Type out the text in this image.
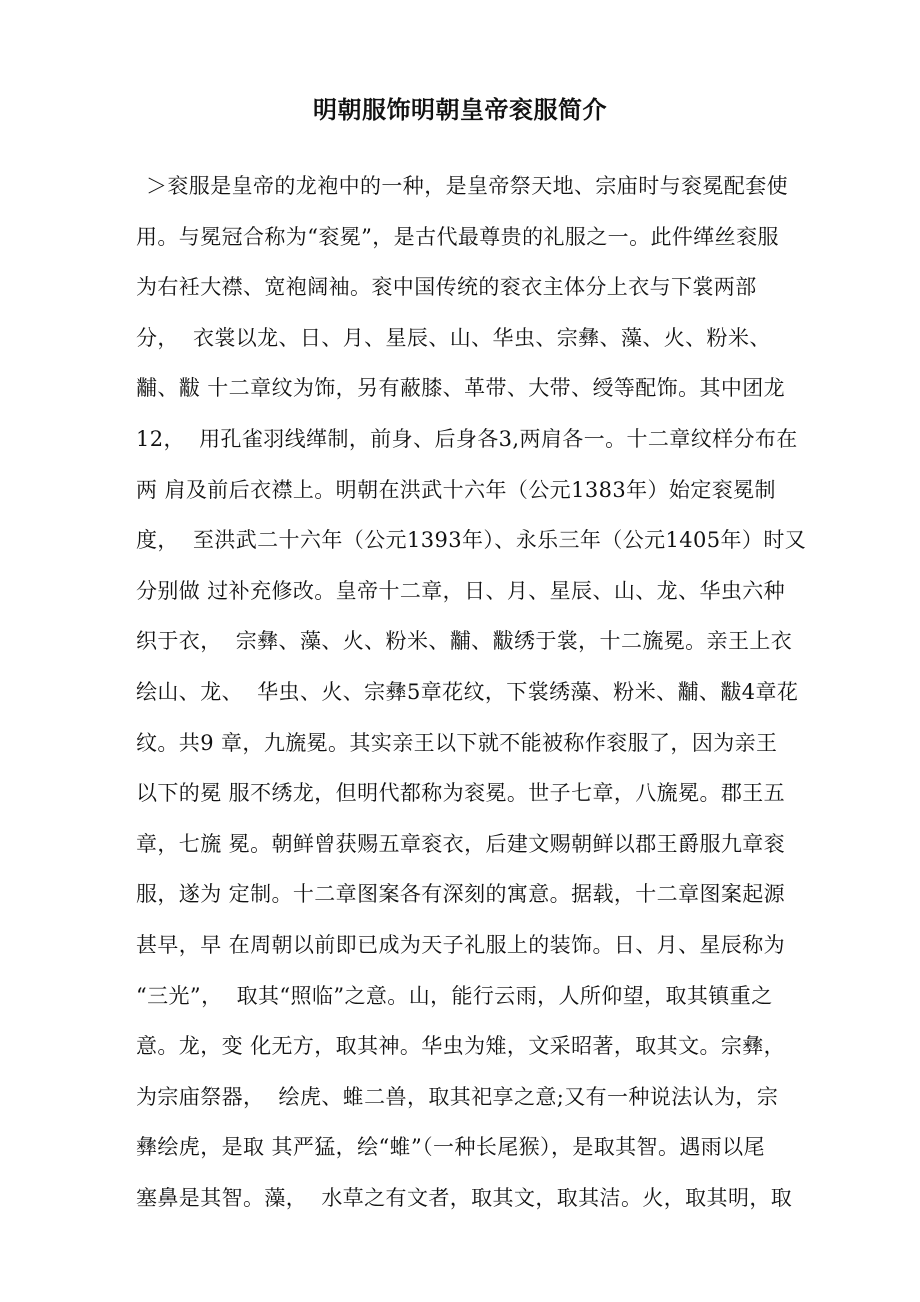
明朝服饰明朝皇帝衮服简介
＞衮服是皇帝的龙袍中的一种，是皇帝祭天地、宗庙时与衮冕配套使
用。与冕冠合称为“衮冕”，是古代最尊贵的礼服之一。此件缂丝衮服
为右衽大襟、宽袍阔袖。衮中国传统的衮衣主体分上衣与下裳两部
分，  衣裳以龙、日、月、星辰、山、华虫、宗彝、藻、火、粉米、
黼、黻 十二章纹为饰，另有蔽膝、革带、大带、绶等配饰。其中团龙
12，  用孔雀羽线缂制，前身、后身各3,两肩各一。十二章纹样分布在
两 肩及前后衣襟上。明朝在洪武十六年（公元1383年）始定衮冕制
度，  至洪武二十六年（公元1393年）、永乐三年（公元1405年）时又
分别做 过补充修改。皇帝十二章，日、月、星辰、山、龙、华虫六种
织于衣，  宗彝、藻、火、粉米、黼、黻绣于裳，十二旒冕。亲王上衣
绘山、龙、  华虫、火、宗彝5章花纹，下裳绣藻、粉米、黼、黻4章花
纹。共9 章，九旒冕。其实亲王以下就不能被称作衮服了，因为亲王
以下的冕 服不绣龙，但明代都称为衮冕。世子七章，八旒冕。郡王五
章，七旒 冕。朝鲜曾获赐五章衮衣，后建文赐朝鲜以郡王爵服九章衮
服，遂为 定制。十二章图案各有深刻的寓意。据载，十二章图案起源
甚早，早 在周朝以前即已成为天子礼服上的装饰。日、月、星辰称为
“三光”，  取其“照临”之意。山，能行云雨，人所仰望，取其镇重之
意。龙，变 化无方，取其神。华虫为雉，文采昭著，取其文。宗彝，
为宗庙祭器，  绘虎、蜼二兽，取其祀享之意;又有一种说法认为，宗
彝绘虎，是取 其严猛，绘“蜼”（一种长尾猴），是取其智。遇雨以尾
塞鼻是其智。藻，  水草之有文者，取其文，取其洁。火，取其明，取
